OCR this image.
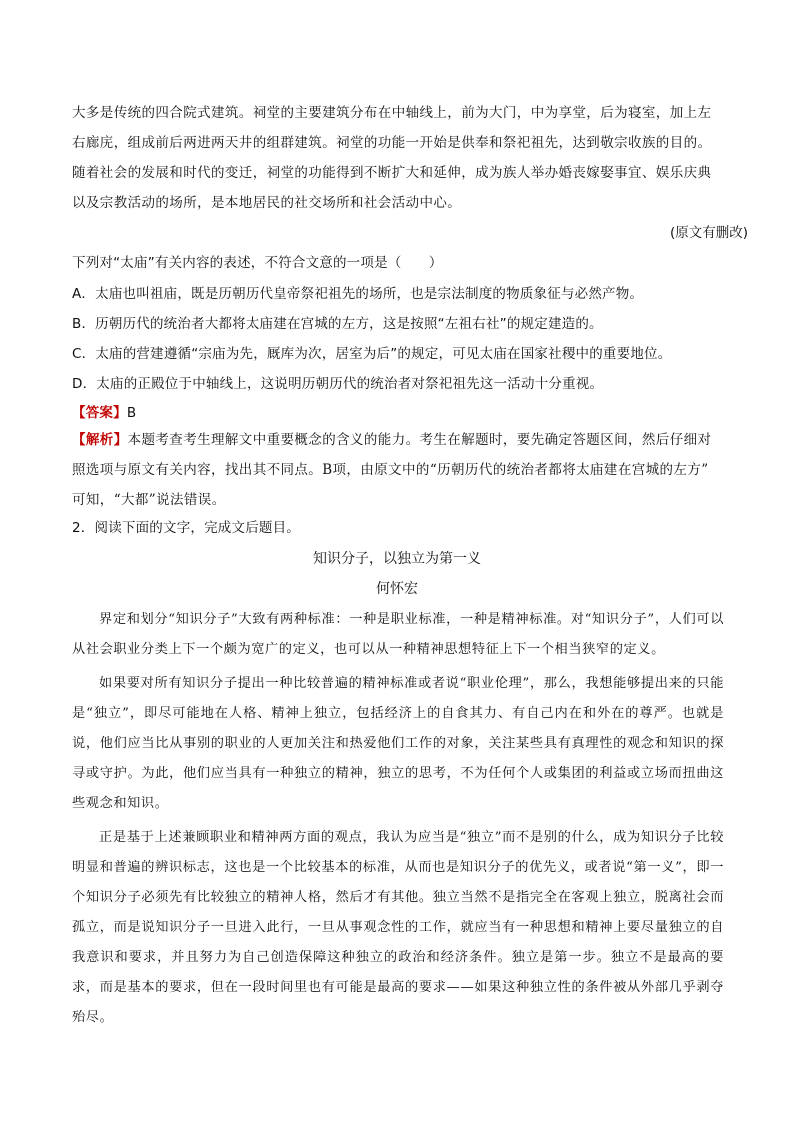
大多是传统的四合院式建筑。祠堂的主要建筑分布在中轴线上，前为大门，中为享堂，后为寝室，加上左
右廊庑，组成前后两进两天井的组群建筑。祠堂的功能一开始是供奉和祭祀祖先，达到敬宗收族的目的。
随着社会的发展和时代的变迁，祠堂的功能得到不断扩大和延伸，成为族人举办婚丧嫁娶事宜、娱乐庆典
以及宗教活动的场所，是本地居民的社交场所和社会活动中心。
(原文有删改)
下列对“太庙”有关内容的表述，不符合文意的一项是（　　）
A．太庙也叫祖庙，既是历朝历代皇帝祭祀祖先的场所，也是宗法制度的物质象征与必然产物。
B．历朝历代的统治者大都将太庙建在宫城的左方，这是按照“左祖右社”的规定建造的。
C．太庙的营建遵循“宗庙为先，厩库为次，居室为后”的规定，可见太庙在国家社稷中的重要地位。
D．太庙的正殿位于中轴线上，这说明历朝历代的统治者对祭祀祖先这一活动十分重视。
【答案】B
【解析】本题考查考生理解文中重要概念的含义的能力。考生在解题时，要先确定答题区间，然后仔细对
照选项与原文有关内容，找出其不同点。B项，由原文中的“历朝历代的统治者都将太庙建在宫城的左方”
可知，“大都”说法错误。
2．阅读下面的文字，完成文后题目。
知识分子，以独立为第一义
何怀宏
界定和划分“知识分子”大致有两种标准：一种是职业标准，一种是精神标准。对“知识分子”，人们可以从社会职业分类上下一个颇为宽广的定义，也可以从一种精神思想特征上下一个相当狭窄的定义。
如果要对所有知识分子提出一种比较普遍的精神标准或者说“职业伦理”，那么，我想能够提出来的只能是“独立”，即尽可能地在人格、精神上独立，包括经济上的自食其力、有自己内在和外在的尊严。也就是说，他们应当比从事别的职业的人更加关注和热爱他们工作的对象，关注某些具有真理性的观念和知识的探寻或守护。为此，他们应当具有一种独立的精神，独立的思考，不为任何个人或集团的利益或立场而扭曲这些观念和知识。
正是基于上述兼顾职业和精神两方面的观点，我认为应当是“独立”而不是别的什么，成为知识分子比较明显和普遍的辨识标志，这也是一个比较基本的标准，从而也是知识分子的优先义，或者说“第一义”，即一个知识分子必须先有比较独立的精神人格，然后才有其他。独立当然不是指完全在客观上独立，脱离社会而孤立，而是说知识分子一旦进入此行，一旦从事观念性的工作，就应当有一种思想和精神上要尽量独立的自我意识和要求，并且努力为自己创造保障这种独立的政治和经济条件。独立是第一步。独立不是最高的要求，而是基本的要求，但在一段时间里也有可能是最高的要求——如果这种独立性的条件被从外部几乎剥夺殆尽。
